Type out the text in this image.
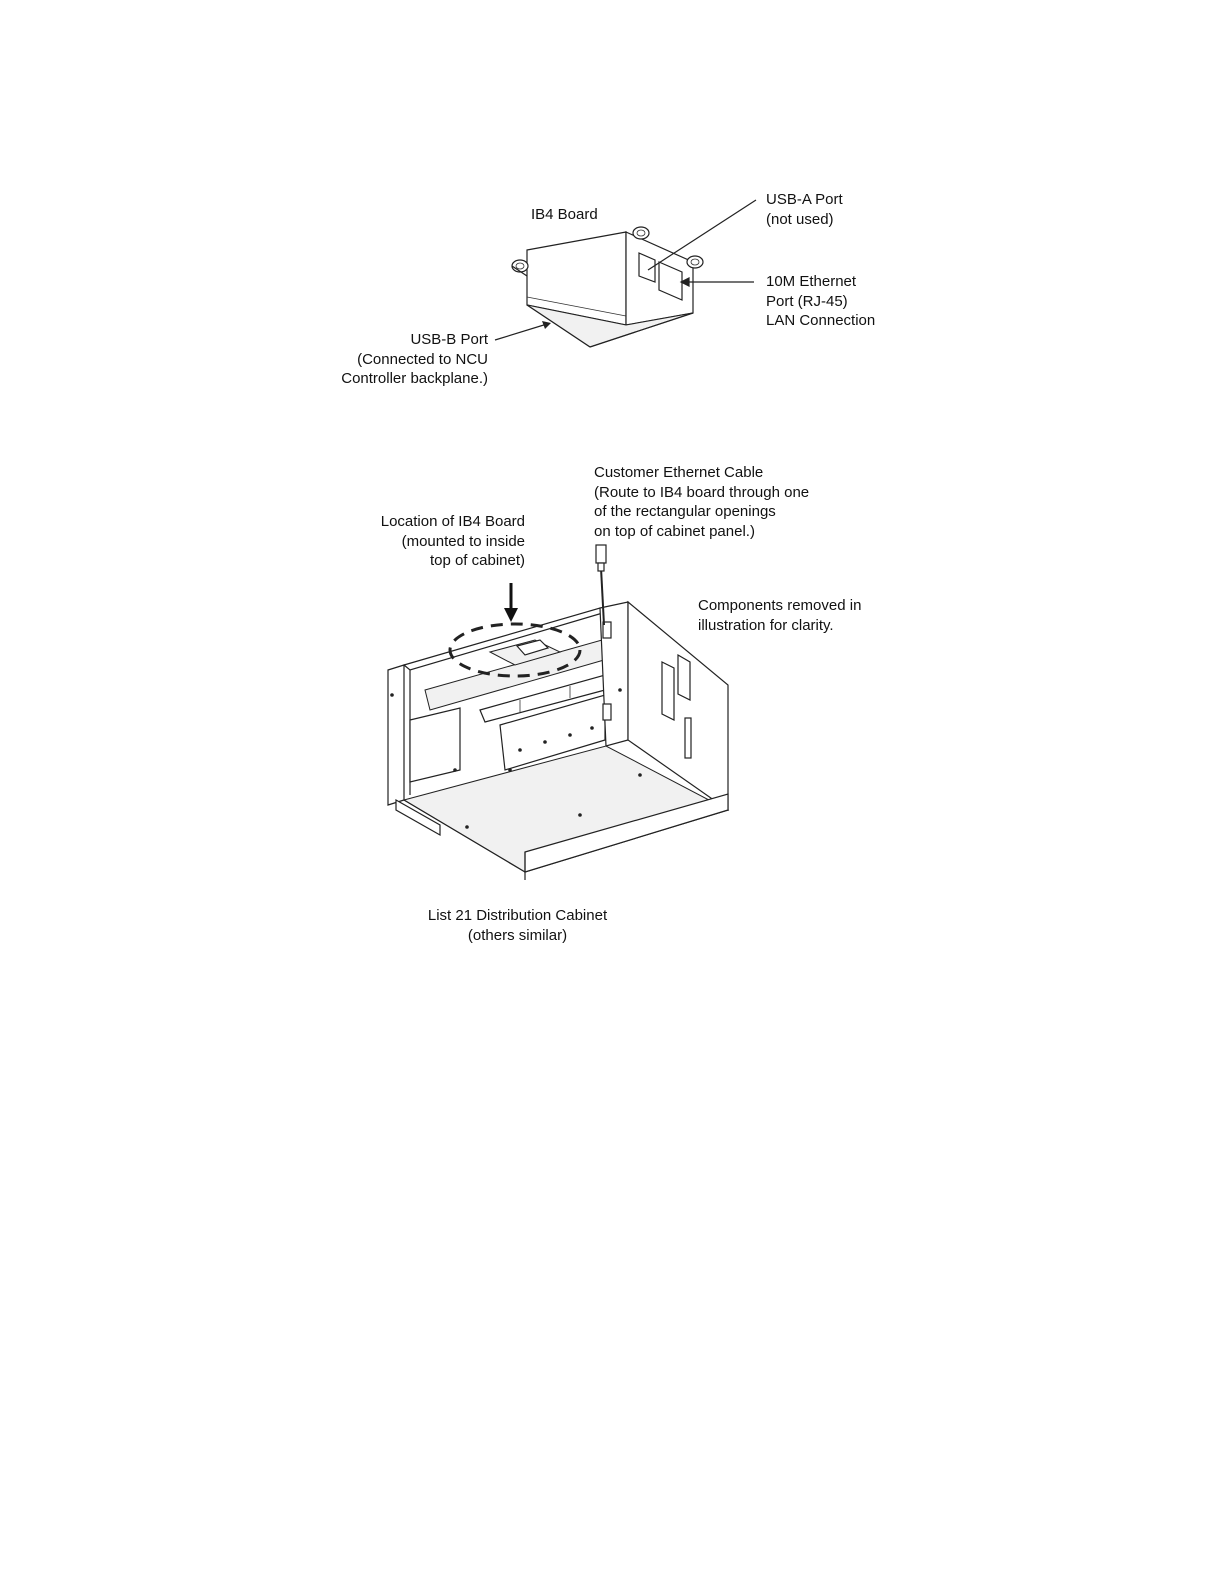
IB4 Board
USB-A Port
(not used)
10M Ethernet
Port (RJ-45)
LAN Connection
USB-B Port
(Connected to NCU
Controller backplane.)
Customer Ethernet Cable
(Route to IB4 board through one
of the rectangular openings
on top of cabinet panel.)
Location of IB4 Board
(mounted to inside
top of cabinet)
Components removed in
illustration for clarity.
List 21 Distribution Cabinet
(others similar)
